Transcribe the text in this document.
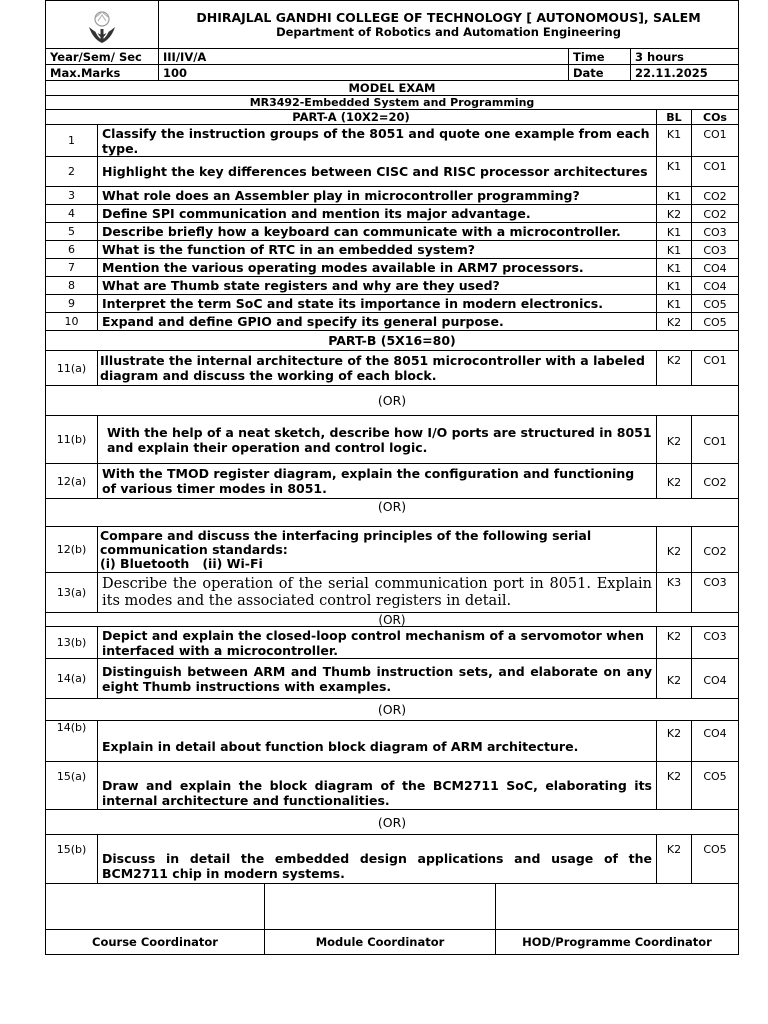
DHIRAJLAL GANDHI COLLEGE OF TECHNOLOGY [ AUTONOMOUS], SALEM
Department of Robotics and Automation Engineering		

Year/Sem/ Sec	III/IV/A	Time	3 hours
Max.Marks	100	Date	22.11.2025
MODEL EXAM			
MR3492-Embedded System and Programming			
PART-A (10X2=20)		BL	COs
1	Classify the instruction groups of the 8051 and quote one example from each type.	K1	CO1
2	Highlight the key differences between CISC and RISC processor architectures	K1	CO1
3	What role does an Assembler play in microcontroller programming?	K1	CO2
4	Define SPI communication and mention its major advantage.	K2	CO2
5	Describe briefly how a keyboard can communicate with a microcontroller.	K1	CO3
6	What is the function of RTC in an embedded system?	K1	CO3
7	Mention the various operating modes available in ARM7 processors.	K1	CO4
8	What are Thumb state registers and why are they used?	K1	CO4
9	Interpret the term SoC and state its importance in modern electronics.	K1	CO5
10	Expand and define GPIO and specify its general purpose.	K2	CO5
PART-B (5X16=80)			
11(a)	Illustrate the internal architecture of the 8051 microcontroller with a labeled diagram and discuss the working of each block.	K2	CO1
(OR)			
11(b)	With the help of a neat sketch, describe how I/O ports are structured in 8051 and explain their operation and control logic.	K2	CO1
12(a)	With the TMOD register diagram, explain the configuration and functioning of various timer modes in 8051.	K2	CO2
(OR)			
12(b)	Compare and discuss the interfacing principles of the following serial communication standards:
(i) Bluetooth   (ii) Wi-Fi	K2	CO2
13(a)	Describe the operation of the serial communication port in 8051. Explain its modes and the associated control registers in detail.	K3	CO3
(OR)			
13(b)	Depict and explain the closed-loop control mechanism of a servomotor when interfaced with a microcontroller.	K2	CO3
14(a)	Distinguish between ARM and Thumb instruction sets, and elaborate on any eight Thumb instructions with examples.	K2	CO4
(OR)			
14(b)	Explain in detail about function block diagram of ARM architecture.	K2	CO4
15(a)	Draw and explain the block diagram of the BCM2711 SoC, elaborating its internal architecture and functionalities.	K2	CO5
(OR)			
15(b)	Discuss in detail the embedded design applications and usage of the BCM2711 chip in modern systems.	K2	CO5

Course Coordinator	Module Coordinator	HOD/Programme Coordinator
